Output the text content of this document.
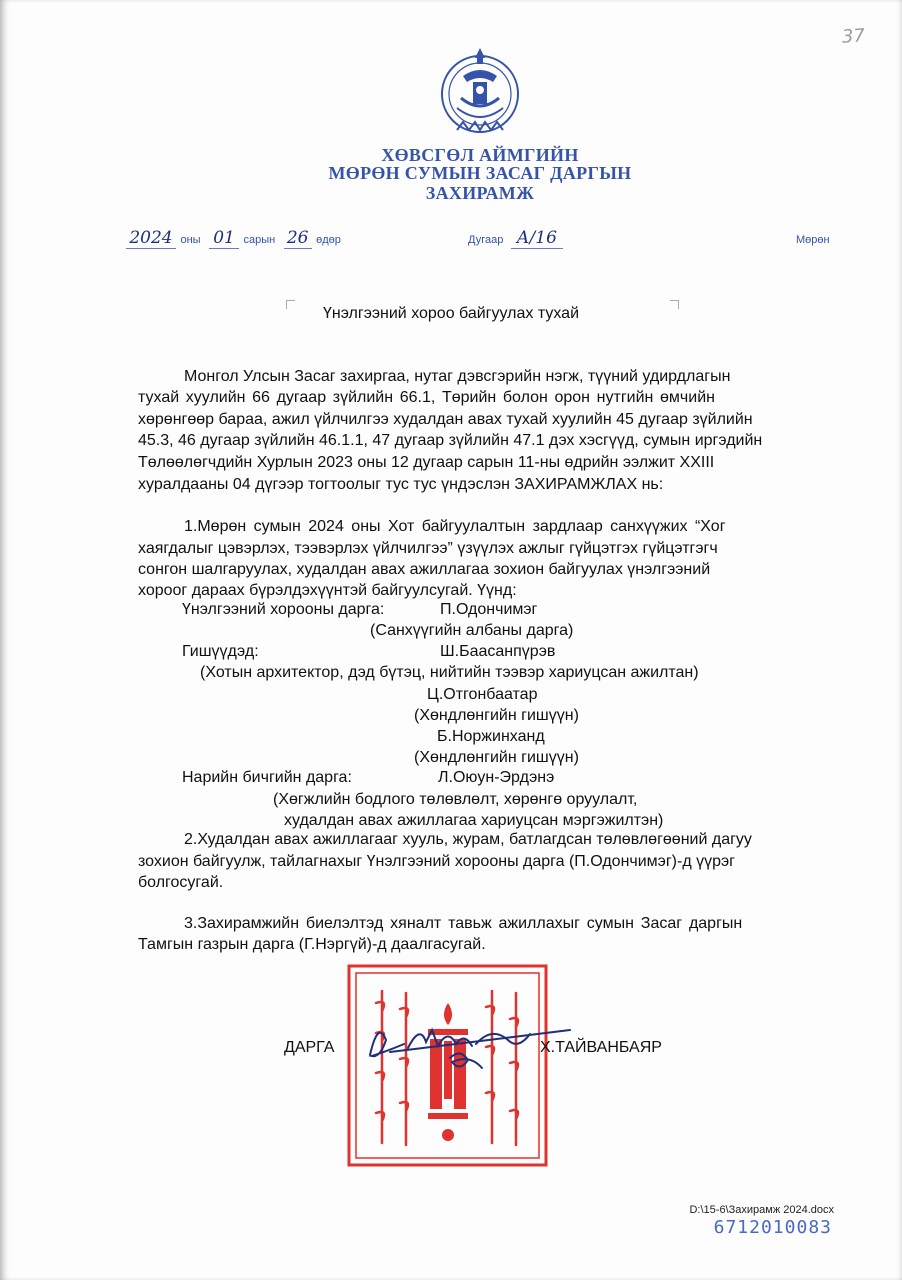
37
ХӨВСГӨЛ АЙМГИЙН
МӨРӨН СУМЫН ЗАСАГ ДАРГЫН
ЗАХИРАМЖ
2024 оны 01 сарын 26 өдөр	Дугаар А/16	Мөрөн
Үнэлгээний хороо байгуулах тухай
Монгол Улсын Засаг захиргаа, нутаг дэвсгэрийн нэгж, түүний удирдлагын
тухай хуулийн 66 дугаар зүйлийн 66.1, Төрийн болон орон нутгийн өмчийн
хөрөнгөөр бараа, ажил үйлчилгээ худалдан авах тухай хуулийн 45 дугаар зүйлийн
45.3, 46 дугаар зүйлийн 46.1.1, 47 дугаар зүйлийн 47.1 дэх хэсгүүд, сумын иргэдийн
Төлөөлөгчдийн Хурлын 2023 оны 12 дугаар сарын 11-ны өдрийн ээлжит XXIII
хуралдааны 04 дүгээр тогтоолыг тус тус үндэслэн ЗАХИРАМЖЛАХ нь:
1.Мөрөн сумын 2024 оны Хот байгуулалтын зардлаар санхүүжих “Хог
хаягдалыг цэвэрлэх, тээвэрлэх үйлчилгээ” үзүүлэх ажлыг гүйцэтгэх гүйцэтгэгч
сонгон шалгаруулах, худалдан авах ажиллагаа зохион байгуулах үнэлгээний
хороог дараах бүрэлдэхүүнтэй байгуулсугай. Үүнд:
Үнэлгээний хорооны дарга:	П.Одончимэг
(Санхүүгийн албаны дарга)
Гишүүдэд:	Ш.Баасанпүрэв
(Хотын архитектор, дэд бүтэц, нийтийн тээвэр хариуцсан ажилтан)
Ц.Отгонбаатар
(Хөндлөнгийн гишүүн)
Б.Норжинханд
(Хөндлөнгийн гишүүн)
Нарийн бичгийн дарга:	Л.Оюун-Эрдэнэ
(Хөгжлийн бодлого төлөвлөлт, хөрөнгө оруулалт,
худалдан авах ажиллагаа хариуцсан мэргэжилтэн)
2.Худалдан авах ажиллагааг хууль, журам, батлагдсан төлөвлөгөөний дагуу
зохион байгуулж, тайлагнахыг Үнэлгээний хорооны дарга (П.Одончимэг)-д үүрэг
болгосугай.
3.Захирамжийн биелэлтэд хяналт тавьж ажиллахыг сумын Засаг даргын
Тамгын газрын дарга (Г.Нэргүй)-д даалгасугай.
ДАРГА	Х.ТАЙВАНБАЯР
D:\15-6\Захирамж 2024.docx
6712010083
